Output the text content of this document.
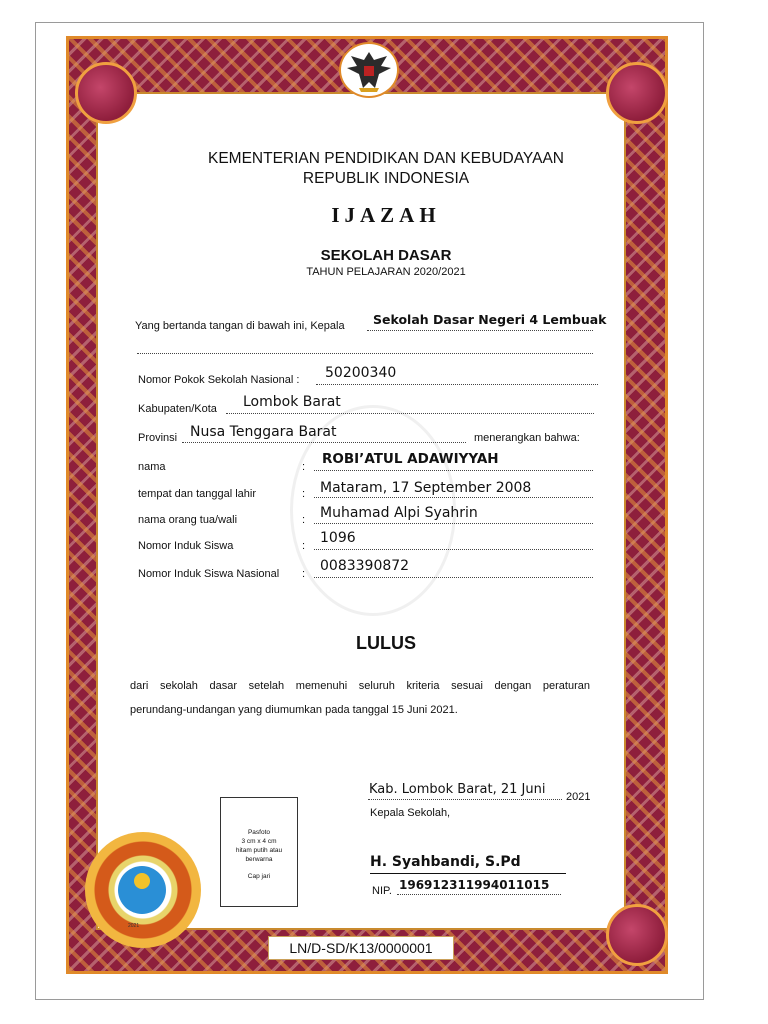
KEMENTERIAN PENDIDIKAN DAN KEBUDAYAAN
REPUBLIK INDONESIA
IJAZAH
SEKOLAH DASAR
TAHUN PELAJARAN 2020/2021
Yang bertanda tangan di bawah ini, Kepala Sekolah Dasar Negeri 4 Lembuak
Nomor Pokok Sekolah Nasional : 50200340
Kabupaten/Kota Lombok Barat
Provinsi Nusa Tenggara Barat	menerangkan bahwa:
nama	: ROBI’ATUL ADAWIYYAH
tempat dan tanggal lahir	: Mataram, 17 September 2008
nama orang tua/wali	: Muhamad Alpi Syahrin
Nomor Induk Siswa	: 1096
Nomor Induk Siswa Nasional : 0083390872
LULUS
dari sekolah dasar setelah memenuhi seluruh kriteria sesuai dengan peraturan
perundang-undangan yang diumumkan pada tanggal 15 Juni 2021.
Kab. Lombok Barat, 21 Juni 2021
Kepala Sekolah,
H. Syahbandi, S.Pd
NIP. 196912311994011015
Pasfoto
3 cm x 4 cm
hitam putih atau
berwarna
Cap jari
2021
LN/D-SD/K13/0000001
